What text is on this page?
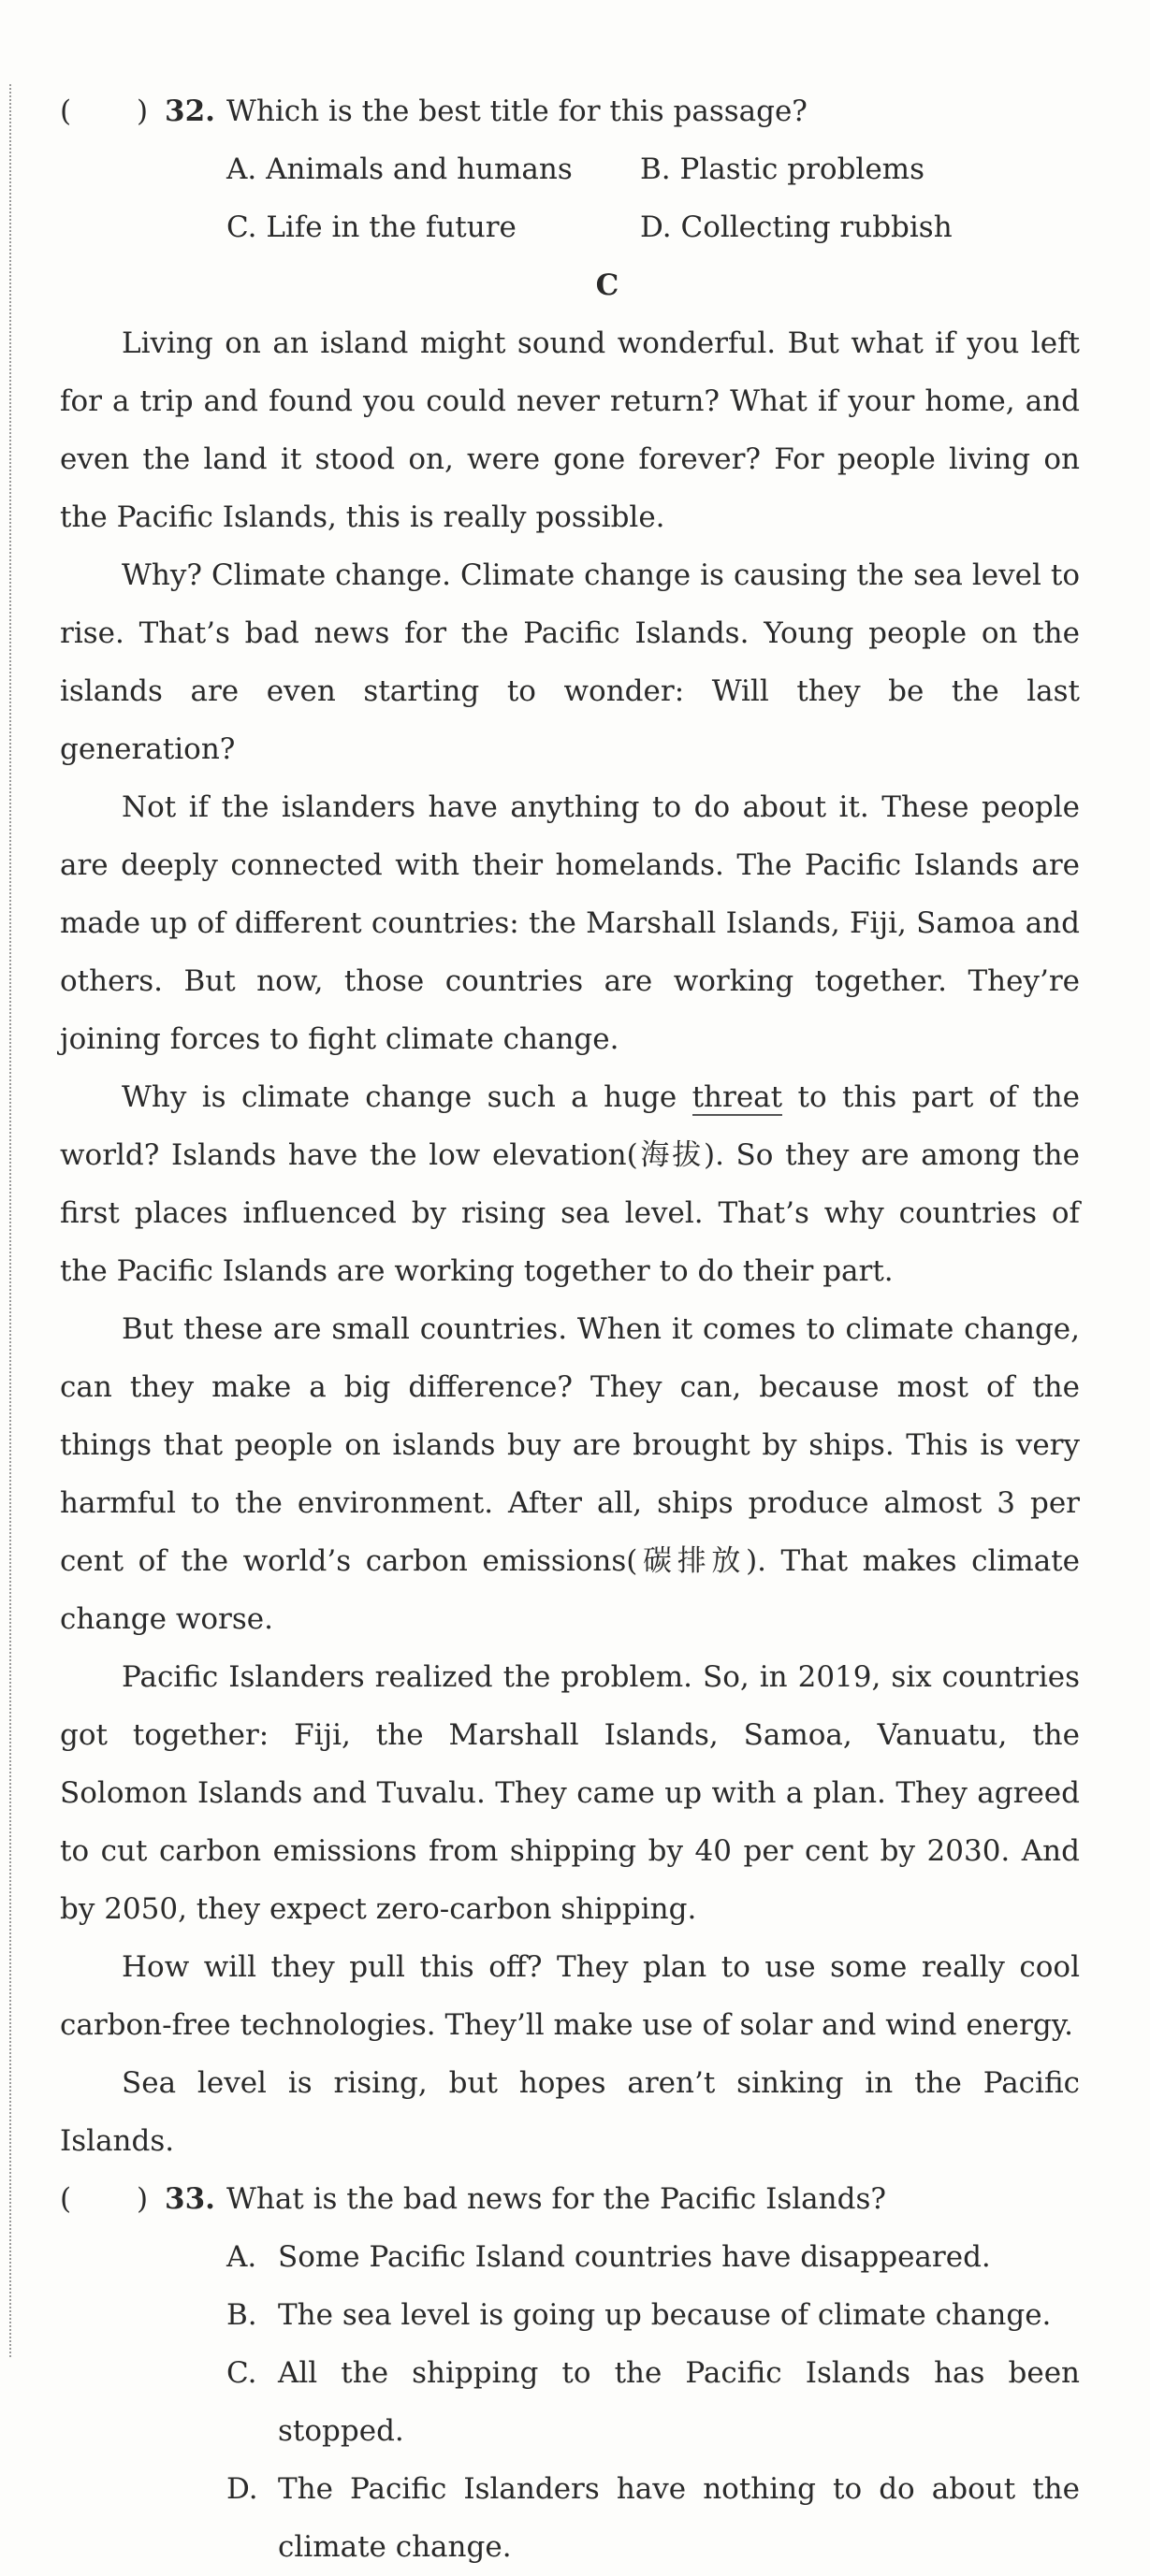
( ) 32. Which is the best title for this passage?
A. Animals and humans B. Plastic problems
C. Life in the future	D. Collecting rubbish
C

Living on an island might sound wonderful. But what if you left for a trip and found you could never return? What if your home, and even the land it stood on, were gone forever? For people living on the Pacific Islands, this is really possible.

Why? Climate change. Climate change is causing the sea level to rise. That’s bad news for the Pacific Islands. Young people on the islands are even starting to wonder: Will they be the last generation?

Not if the islanders have anything to do about it. These people are deeply connected with their homelands. The Pacific Islands are made up of different countries: the Marshall Islands, Fiji, Samoa and others. But now, those countries are working together. They’re joining forces to fight climate change.

Why is climate change such a huge threat to this part of the world? Islands have the low elevation(海拔). So they are among the first places influenced by rising sea level. That’s why countries of the Pacific Islands are working together to do their part.

But these are small countries. When it comes to climate change, can they make a big difference? They can, because most of the things that people on islands buy are brought by ships. This is very harmful to the environment. After all, ships produce almost 3 per cent of the world’s carbon emissions(碳排放). That makes climate change worse.

Pacific Islanders realized the problem. So, in 2019, six countries got together: Fiji, the Marshall Islands, Samoa, Vanuatu, the Solomon Islands and Tuvalu. They came up with a plan. They agreed to cut carbon emissions from shipping by 40 per cent by 2030. And by 2050, they expect zero-carbon shipping.

How will they pull this off? They plan to use some really cool carbon-free technologies. They’ll make use of solar and wind energy.

Sea level is rising, but hopes aren’t sinking in the Pacific Islands.

( ) 33. What is the bad news for the Pacific Islands?

A. Some Pacific Island countries have disappeared.

B. The sea level is going up because of climate change.

C. All the shipping to the Pacific Islands has been stopped.

D. The Pacific Islanders have nothing to do about the climate change.
